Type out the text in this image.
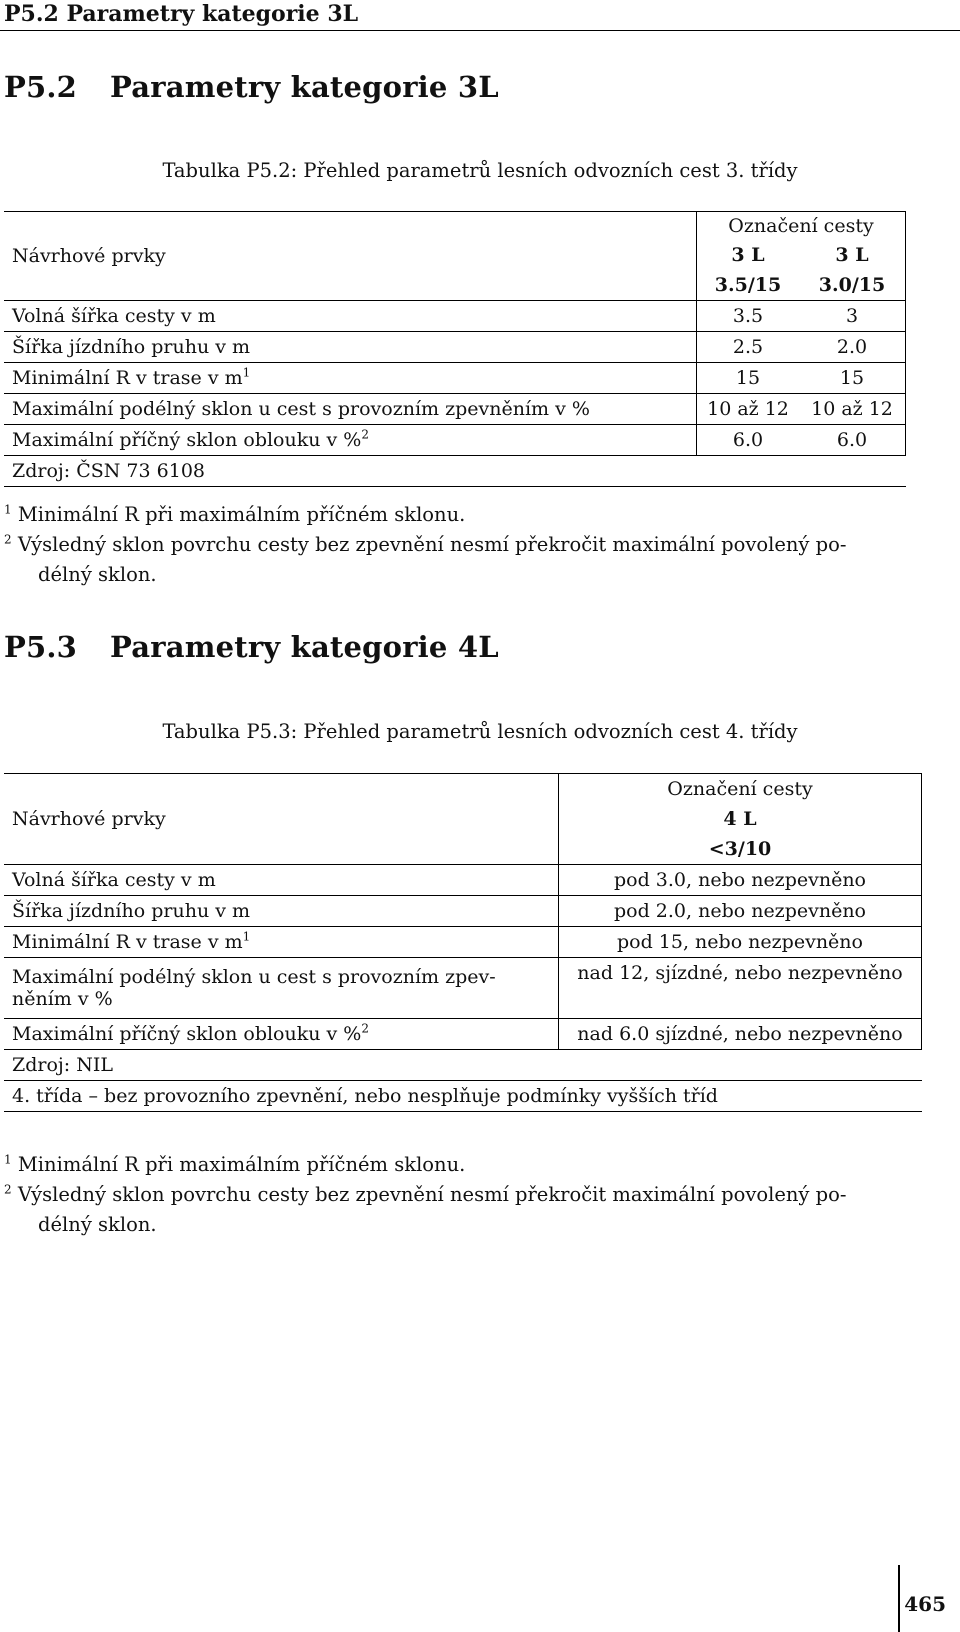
P5.2 Parametry kategorie 3L
P5.2 Parametry kategorie 3L
Tabulka P5.2: Přehled parametrů lesních odvozních cest 3. třídy
Návrhové prvky	Označení cesty	
	3 L	3 L
	3.5/15	3.0/15
Volná šířka cesty v m	3.5	3
Šířka jízdního pruhu v m	2.5	2.0
Minimální R v trase v $m^1$	15	15
Maximální podélný sklon u cest s provozním zpevněním v %	10 až 12	10 až 12
Maximální příčný sklon oblouku v %$^2$	6.0	6.0
Zdroj: ČSN 73 6108		
$^1$ Minimální R při maximálním příčném sklonu.
$^2$ Výsledný sklon povrchu cesty bez zpevnění nesmí překročit maximální povolený po-
délný sklon.
P5.3 Parametry kategorie 4L
Tabulka P5.3: Přehled parametrů lesních odvozních cest 4. třídy
Návrhové prvky	Označení cesty
	4 L
	<3/10
Volná šířka cesty v m	pod 3.0, nebo nezpevněno
Šířka jízdního pruhu v m	pod 2.0, nebo nezpevněno
Minimální R v trase v $m^1$	pod 15, nebo nezpevněno
Maximální podélný sklon u cest s provozním zpev-
něním v %	nad 12, sjízdné, nebo nezpevněno
Maximální příčný sklon oblouku v %$^2$	nad 6.0 sjízdné, nebo nezpevněno
Zdroj: NIL	
4. třída – bez provozního zpevnění, nebo nesplňuje podmínky vyšších tříd	
$^1$ Minimální R při maximálním příčném sklonu.
$^2$ Výsledný sklon povrchu cesty bez zpevnění nesmí překročit maximální povolený po-
délný sklon.
465
